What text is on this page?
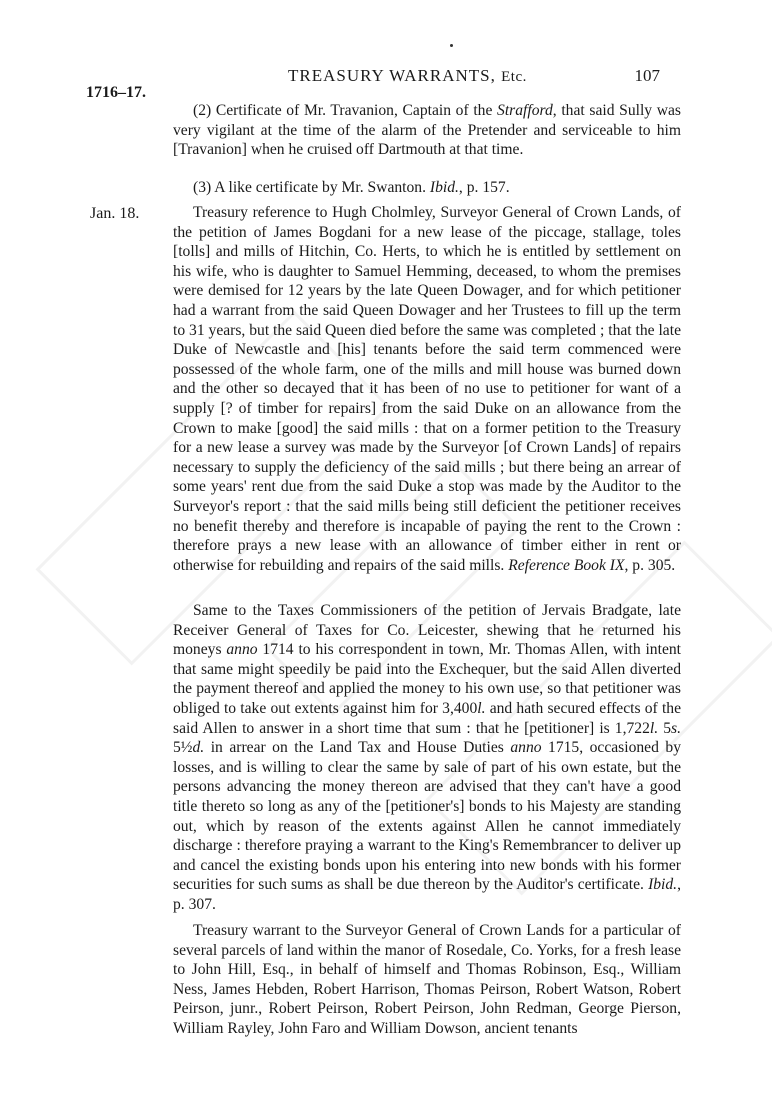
TREASURY WARRANTS, Etc.	107
1716–17.

(2) Certificate of Mr. Travanion, Captain of the Strafford, that said Sully was very vigilant at the time of the alarm of the Pretender and serviceable to him [Travanion] when he cruised off Dartmouth at that time.

(3) A like certificate by Mr. Swanton. Ibid., p. 157.

Jan. 18.	Treasury reference to Hugh Cholmley, Surveyor General of Crown Lands, of the petition of James Bogdani for a new lease of the piccage, stallage, toles [tolls] and mills of Hitchin, Co. Herts, to which he is entitled by settlement on his wife, who is daughter to Samuel Hemming, deceased, to whom the premises were demised for 12 years by the late Queen Dowager, and for which petitioner had a warrant from the said Queen Dowager and her Trustees to fill up the term to 31 years, but the said Queen died before the same was completed ; that the late Duke of Newcastle and [his] tenants before the said term commenced were possessed of the whole farm, one of the mills and mill house was burned down and the other so decayed that it has been of no use to petitioner for want of a supply [? of timber for repairs] from the said Duke on an allowance from the Crown to make [good] the said mills : that on a former petition to the Treasury for a new lease a survey was made by the Surveyor [of Crown Lands] of repairs necessary to supply the deficiency of the said mills ; but there being an arrear of some years' rent due from the said Duke a stop was made by the Auditor to the Surveyor's report : that the said mills being still deficient the petitioner receives no benefit thereby and therefore is incapable of paying the rent to the Crown : therefore prays a new lease with an allowance of timber either in rent or otherwise for rebuilding and repairs of the said mills. Reference Book IX, p. 305.

Same to the Taxes Commissioners of the petition of Jervais Bradgate, late Receiver General of Taxes for Co. Leicester, shewing that he returned his moneys anno 1714 to his correspondent in town, Mr. Thomas Allen, with intent that same might speedily be paid into the Exchequer, but the said Allen diverted the payment thereof and applied the money to his own use, so that petitioner was obliged to take out extents against him for 3,400l. and hath secured effects of the said Allen to answer in a short time that sum : that he [petitioner] is 1,722l. 5s. 5½d. in arrear on the Land Tax and House Duties anno 1715, occasioned by losses, and is willing to clear the same by sale of part of his own estate, but the persons advancing the money thereon are advised that they can't have a good title thereto so long as any of the [petitioner's] bonds to his Majesty are standing out, which by reason of the extents against Allen he cannot immediately discharge : therefore praying a warrant to the King's Remembrancer to deliver up and cancel the existing bonds upon his entering into new bonds with his former securities for such sums as shall be due thereon by the Auditor's certificate. Ibid., p. 307.

Treasury warrant to the Surveyor General of Crown Lands for a particular of several parcels of land within the manor of Rosedale, Co. Yorks, for a fresh lease to John Hill, Esq., in behalf of himself and Thomas Robinson, Esq., William Ness, James Hebden, Robert Harrison, Thomas Peirson, Robert Watson, Robert Peirson, junr., Robert Peirson, Robert Peirson, John Redman, George Pierson, William Rayley, John Faro and William Dowson, ancient tenants
